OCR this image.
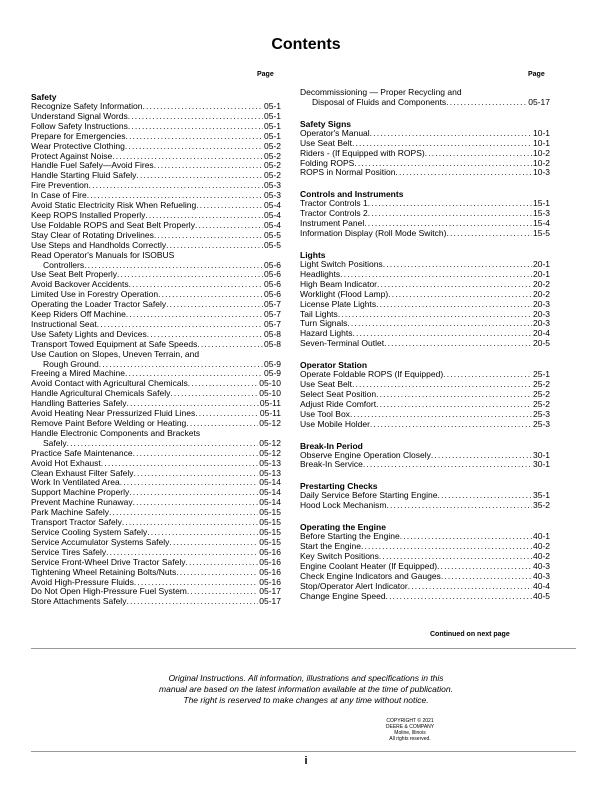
Contents
Page	Page
Safety
Recognize Safety Information . . .	05-1
Understand Signal Words . . .	05-1
Follow Safety Instructions . . .	05-1
Prepare for Emergencies . . .	05-1
Wear Protective Clothing . . .	05-2
Protect Against Noise . . .	05-2
Handle Fuel Safely—Avoid Fires . . .	05-2
Handle Starting Fluid Safely . . .	05-2
Fire Prevention . . .	05-3
In Case of Fire . . .	05-3
Avoid Static Electricity Risk When Refueling . . .	05-4
Keep ROPS Installed Properly . . .	05-4
Use Foldable ROPS and Seat Belt Properly . . .	05-4
Stay Clear of Rotating Drivelines . . .	05-5
Use Steps and Handholds Correctly . . .	05-5
Read Operator's Manuals for ISOBUS
Controllers . . .	05-6
Use Seat Belt Properly . . .	05-6
Avoid Backover Accidents . . .	05-6
Limited Use in Forestry Operation . . .	05-6
Operating the Loader Tractor Safely . . .	05-7
Keep Riders Off Machine . . .	05-7
Instructional Seat . . .	05-7
Use Safety Lights and Devices . . .	05-8
Transport Towed Equipment at Safe Speeds . . .	05-8
Use Caution on Slopes, Uneven Terrain, and
Rough Ground . . .	05-9
Freeing a Mired Machine . . .	05-9
Avoid Contact with Agricultural Chemicals . . .	05-10
Handle Agricultural Chemicals Safely . . .	05-10
Handling Batteries Safely . . .	05-11
Avoid Heating Near Pressurized Fluid Lines . . .	05-11
Remove Paint Before Welding or Heating . . .	05-12
Handle Electronic Components and Brackets
Safely . . .	05-12
Practice Safe Maintenance . . .	05-12
Avoid Hot Exhaust . . .	05-13
Clean Exhaust Filter Safely . . .	05-13
Work In Ventilated Area . . .	05-14
Support Machine Properly . . .	05-14
Prevent Machine Runaway . . .	05-14
Park Machine Safely . . .	05-15
Transport Tractor Safely . . .	05-15
Service Cooling System Safely . . .	05-15
Service Accumulator Systems Safely . . .	05-15
Service Tires Safely . . .	05-16
Service Front-Wheel Drive Tractor Safely . . .	05-16
Tightening Wheel Retaining Bolts/Nuts . . .	05-16
Avoid High-Pressure Fluids . . .	05-16
Do Not Open High-Pressure Fuel System . . .	05-17
Store Attachments Safely . . .	05-17
Decommissioning — Proper Recycling and
Disposal of Fluids and Components . . .	05-17
Safety Signs
Operator's Manual . . .	10-1
Use Seat Belt . . .	10-1
Riders - (If Equipped with ROPS) . . .	10-2
Folding ROPS . . .	10-2
ROPS in Normal Position . . .	10-3
Controls and Instruments
Tractor Controls 1 . . .	15-1
Tractor Controls 2 . . .	15-3
Instrument Panel . . .	15-4
Information Display (Roll Mode Switch) . . .	15-5
Lights
Light Switch Positions . . .	20-1
Headlights . . .	20-1
High Beam Indicator . . .	20-2
Worklight (Flood Lamp) . . .	20-2
License Plate Lights . . .	20-3
Tail Lights . . .	20-3
Turn Signals . . .	20-3
Hazard Lights . . .	20-4
Seven-Terminal Outlet . . .	20-5
Operator Station
Operate Foldable ROPS (If Equipped) . . .	25-1
Use Seat Belt . . .	25-2
Select Seat Position . . .	25-2
Adjust Ride Comfort . . .	25-2
Use Tool Box . . .	25-3
Use Mobile Holder . . .	25-3
Break-In Period
Observe Engine Operation Closely . . .	30-1
Break-In Service . . .	30-1
Prestarting Checks
Daily Service Before Starting Engine . . .	35-1
Hood Lock Mechanism . . .	35-2
Operating the Engine
Before Starting the Engine . . .	40-1
Start the Engine . . .	40-2
Key Switch Positions . . .	40-2
Engine Coolant Heater (If Equipped) . . .	40-3
Check Engine Indicators and Gauges . . .	40-3
Stop/Operator Alert Indicator . . .	40-4
Change Engine Speed . . .	40-5
Continued on next page
Original Instructions. All information, illustrations and specifications in this
manual are based on the latest information available at the time of publication.
The right is reserved to make changes at any time without notice.
COPYRIGHT © 2021
DEERE & COMPANY
Moline, Illinois
All rights reserved.
i
